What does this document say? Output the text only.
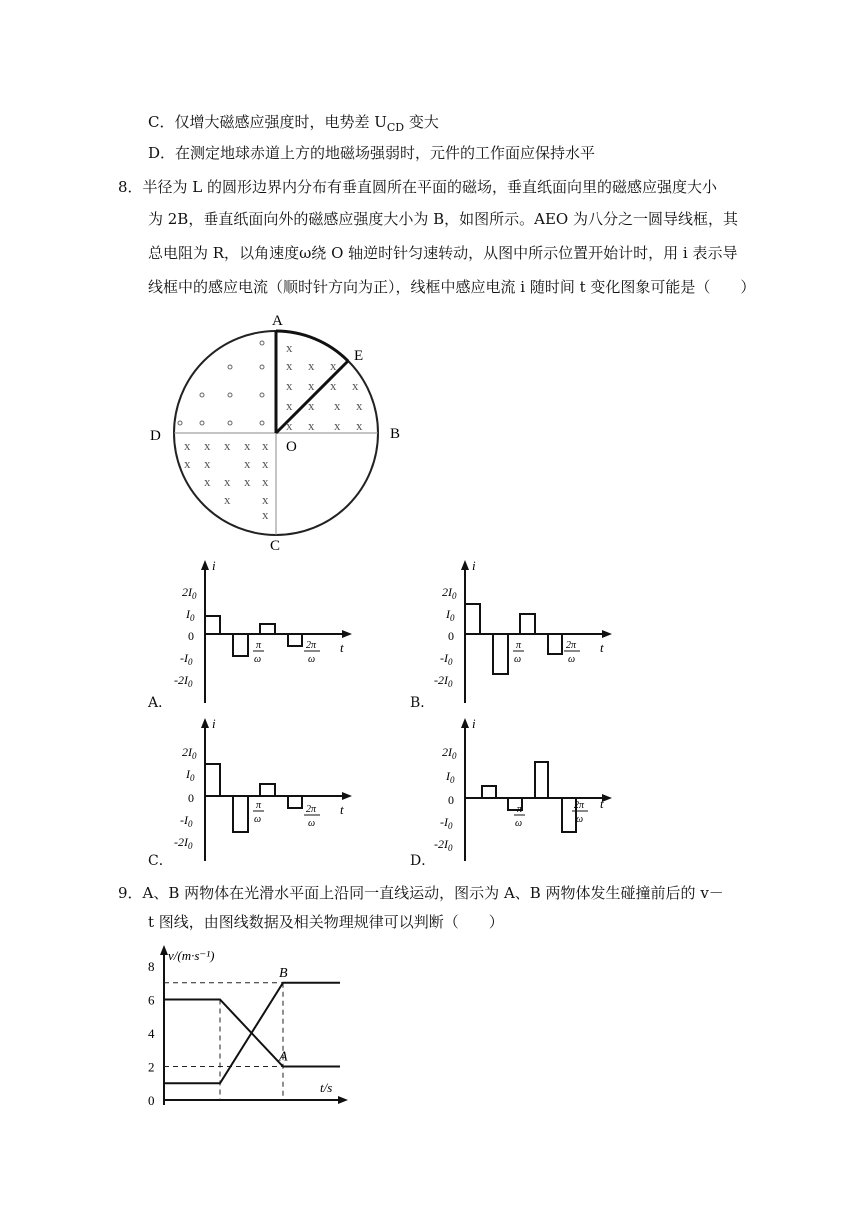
C．仅增大磁感应强度时，电势差 $U_{CD}$ 变大
D．在测定地球赤道上方的地磁场强弱时，元件的工作面应保持水平
8．半径为 L 的圆形边界内分布有垂直圆所在平面的磁场，垂直纸面向里的磁感应强度大小
为 2B，垂直纸面向外的磁感应强度大小为 B，如图所示。AEO 为八分之一圆导线框，其
总电阻为 R，以角速度ω绕 O 轴逆时针匀速转动，从图中所示位置开始计时，用 i 表示导
线框中的感应电流（顺时针方向为正），线框中感应电流 i 随时间 t 变化图象可能是（　　）
x
x x x
x x x x
x x x x
x x x x
x x x x x
x x	x x
x x x x
x x
x
A
E
B
C
D
O
i
t
$2I_0$
$I_0$
0
$-I_0$
$-2I_0$
π
ω
2π
ω
A．
i
t
$2I_0$
$I_0$
0
$-I_0$
$-2I_0$
π
ω
2π
ω
B．
i
t
$2I_0$
$I_0$
0
$-I_0$
$-2I_0$
π
ω
2π
ω
C．
i
t
$2I_0$
$I_0$
0
$-I_0$
$-2I_0$
π
ω
2π
ω
D．
9．A、B 两物体在光滑水平面上沿同一直线运动，图示为 A、B 两物体发生碰撞前后的 v－
t 图线，由图线数据及相关物理规律可以判断（　　）
v/(m·s⁻¹)
t/s
0
2
4
6
8
A
B
